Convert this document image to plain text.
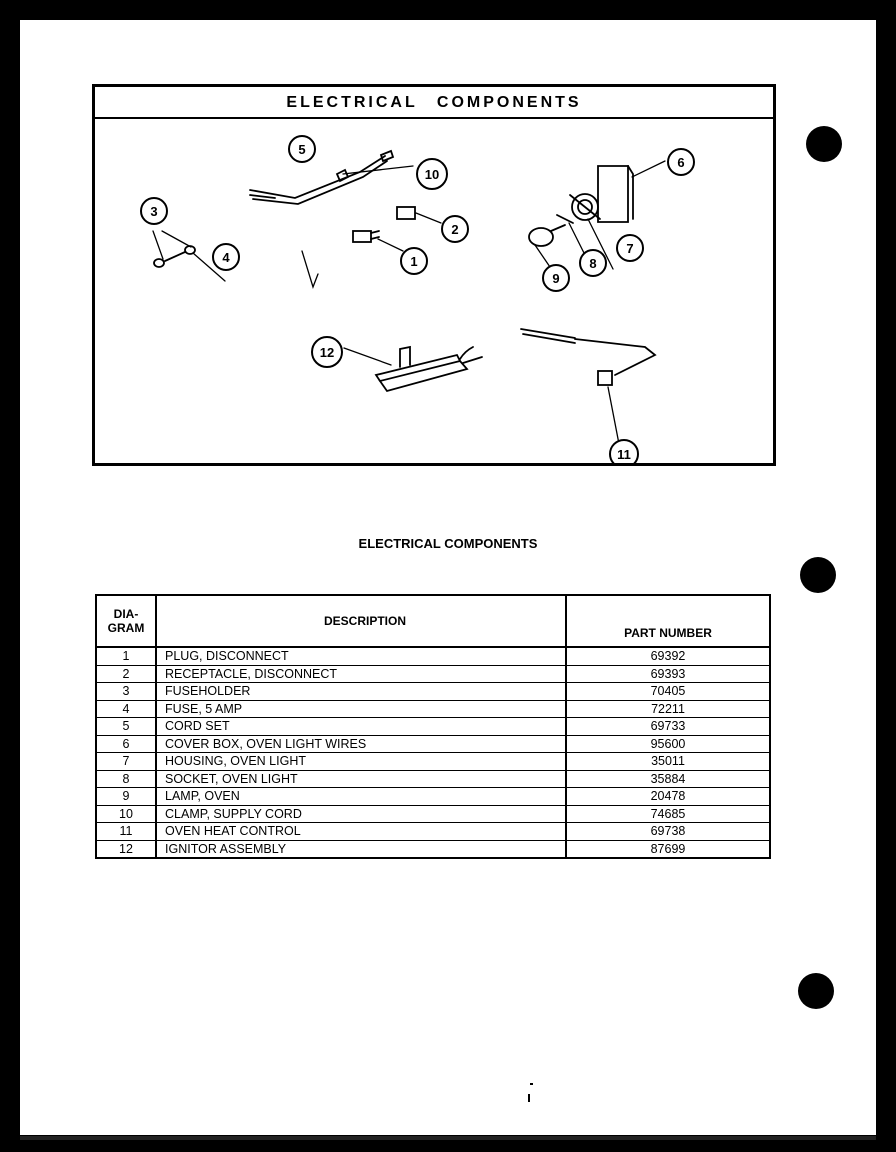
ELECTRICAL COMPONENTS
1
2
3
4
5
6
7
8
9
10
11
12
ELECTRICAL COMPONENTS
DIA-
GRAM	DESCRIPTION	PART NUMBER
1	PLUG, DISCONNECT	69392
2	RECEPTACLE, DISCONNECT	69393
3	FUSEHOLDER	70405
4	FUSE, 5 AMP	72211
5	CORD SET	69733
6	COVER BOX, OVEN LIGHT WIRES	95600
7	HOUSING, OVEN LIGHT	35011
8	SOCKET, OVEN LIGHT	35884
9	LAMP, OVEN	20478
10	CLAMP, SUPPLY CORD	74685
11	OVEN HEAT CONTROL	69738
12	IGNITOR ASSEMBLY	87699
